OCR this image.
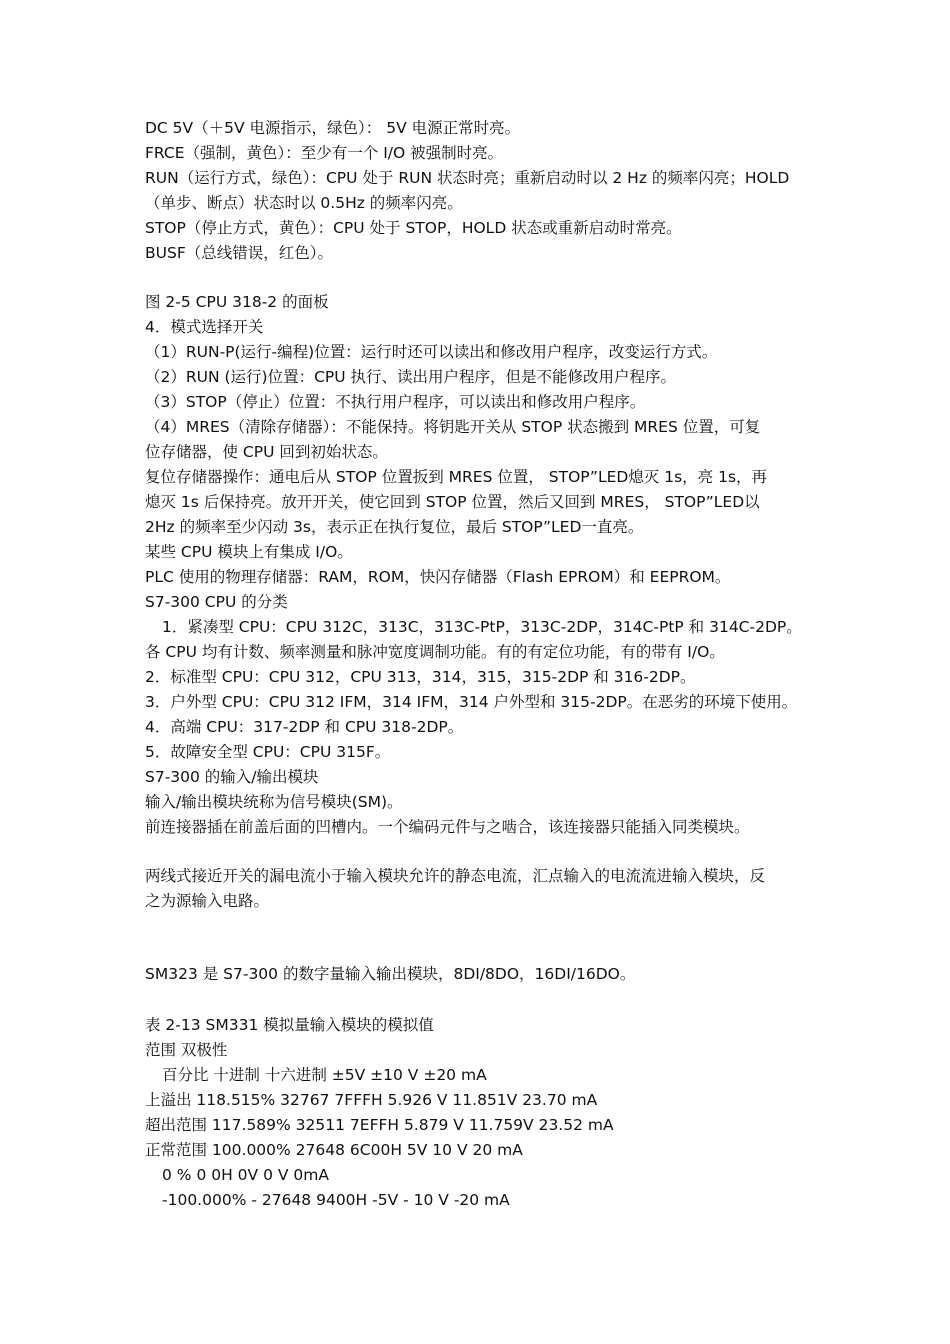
DC 5V（＋5V 电源指示，绿色）： 5V 电源正常时亮。
FRCE（强制，黄色）：至少有一个 I/O 被强制时亮。
RUN（运行方式，绿色）：CPU 处于 RUN 状态时亮；重新启动时以 2 Hz 的频率闪亮；HOLD
（单步、断点）状态时以 0.5Hz 的频率闪亮。
STOP（停止方式，黄色）：CPU 处于 STOP，HOLD 状态或重新启动时常亮。
BUSF（总线错误，红色）。
图 2-5 CPU 318-2 的面板
4．模式选择开关
（1）RUN-P(运行-编程)位置：运行时还可以读出和修改用户程序，改变运行方式。
（2）RUN (运行)位置：CPU 执行、读出用户程序，但是不能修改用户程序。
（3）STOP（停止）位置：不执行用户程序，可以读出和修改用户程序。
（4）MRES（清除存储器）：不能保持。将钥匙开关从 STOP 状态搬到 MRES 位置，可复
位存储器，使 CPU 回到初始状态。
复位存储器操作：通电后从 STOP 位置扳到 MRES 位置， STOP”LED熄灭 1s，亮 1s，再
熄灭 1s 后保持亮。放开开关，使它回到 STOP 位置，然后又回到 MRES， STOP”LED以
2Hz 的频率至少闪动 3s，表示正在执行复位，最后 STOP”LED一直亮。
某些 CPU 模块上有集成 I/O。
PLC 使用的物理存储器：RAM，ROM，快闪存储器（Flash EPROM）和 EEPROM。
S7-300 CPU 的分类
1．紧凑型 CPU：CPU 312C，313C，313C-PtP，313C-2DP，314C-PtP 和 314C-2DP。
各 CPU 均有计数、频率测量和脉冲宽度调制功能。有的有定位功能，有的带有 I/O。
2．标准型 CPU：CPU 312，CPU 313，314，315，315-2DP 和 316-2DP。
3．户外型 CPU：CPU 312 IFM，314 IFM，314 户外型和 315-2DP。在恶劣的环境下使用。
4．高端 CPU：317-2DP 和 CPU 318-2DP。
5．故障安全型 CPU：CPU 315F。
S7-300 的输入/输出模块
输入/输出模块统称为信号模块(SM)。
前连接器插在前盖后面的凹槽内。一个编码元件与之啮合，该连接器只能插入同类模块。
两线式接近开关的漏电流小于输入模块允许的静态电流，汇点输入的电流流进输入模块，反
之为源输入电路。
SM323 是 S7-300 的数字量输入输出模块，8DI/8DO，16DI/16DO。
表 2-13 SM331 模拟量输入模块的模拟值
范围 双极性
百分比 十进制 十六进制 ±5V ±10 V ±20 mA
上溢出 118.515% 32767 7FFFH 5.926 V 11.851V 23.70 mA
超出范围 117.589% 32511 7EFFH 5.879 V 11.759V 23.52 mA
正常范围 100.000% 27648 6C00H 5V 10 V 20 mA
0 % 0 0H 0V 0 V 0mA
-100.000% - 27648 9400H -5V - 10 V -20 mA
